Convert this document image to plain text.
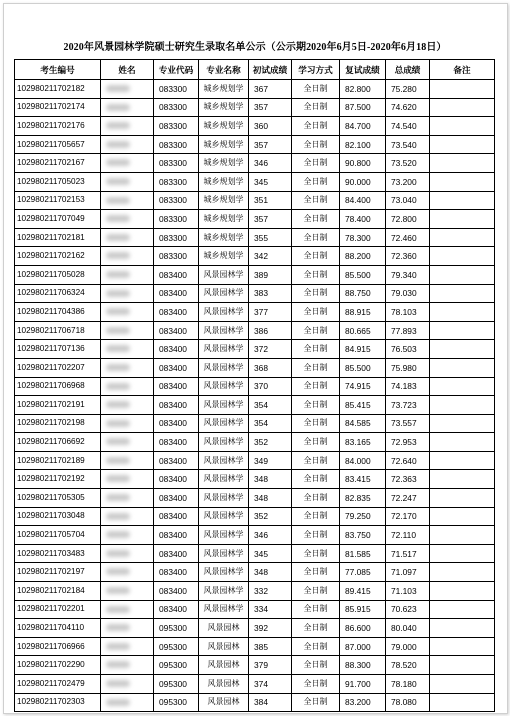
2020年风景园林学院硕士研究生录取名单公示（公示期2020年6月5日-2020年6月18日）
考生编号	姓名	专业代码	专业名称	初试成绩	学习方式	复试成绩	总成绩	备注
102980211702182		083300	城乡规划学	367	全日制	82.800	75.280	
102980211702174		083300	城乡规划学	357	全日制	87.500	74.620	
102980211702176		083300	城乡规划学	360	全日制	84.700	74.540	
102980211705657		083300	城乡规划学	357	全日制	82.100	73.540	
102980211702167		083300	城乡规划学	346	全日制	90.800	73.520	
102980211705023		083300	城乡规划学	345	全日制	90.000	73.200	
102980211702153		083300	城乡规划学	351	全日制	84.400	73.040	
102980211707049		083300	城乡规划学	357	全日制	78.400	72.800	
102980211702181		083300	城乡规划学	355	全日制	78.300	72.460	
102980211702162		083300	城乡规划学	342	全日制	88.200	72.360	
102980211705028		083400	风景园林学	389	全日制	85.500	79.340	
102980211706324		083400	风景园林学	383	全日制	88.750	79.030	
102980211704386		083400	风景园林学	377	全日制	88.915	78.103	
102980211706718		083400	风景园林学	386	全日制	80.665	77.893	
102980211707136		083400	风景园林学	372	全日制	84.915	76.503	
102980211702207		083400	风景园林学	368	全日制	85.500	75.980	
102980211706968		083400	风景园林学	370	全日制	74.915	74.183	
102980211702191		083400	风景园林学	354	全日制	85.415	73.723	
102980211702198		083400	风景园林学	354	全日制	84.585	73.557	
102980211706692		083400	风景园林学	352	全日制	83.165	72.953	
102980211702189		083400	风景园林学	349	全日制	84.000	72.640	
102980211702192		083400	风景园林学	348	全日制	83.415	72.363	
102980211705305		083400	风景园林学	348	全日制	82.835	72.247	
102980211703048		083400	风景园林学	352	全日制	79.250	72.170	
102980211705704		083400	风景园林学	346	全日制	83.750	72.110	
102980211703483		083400	风景园林学	345	全日制	81.585	71.517	
102980211702197		083400	风景园林学	348	全日制	77.085	71.097	
102980211702184		083400	风景园林学	332	全日制	89.415	71.103	
102980211702201		083400	风景园林学	334	全日制	85.915	70.623	
102980211704110		095300	风景园林	392	全日制	86.600	80.040	
102980211706966		095300	风景园林	385	全日制	87.000	79.000	
102980211702290		095300	风景园林	379	全日制	88.300	78.520	
102980211702479		095300	风景园林	374	全日制	91.700	78.180	
102980211702303		095300	风景园林	384	全日制	83.200	78.080	
